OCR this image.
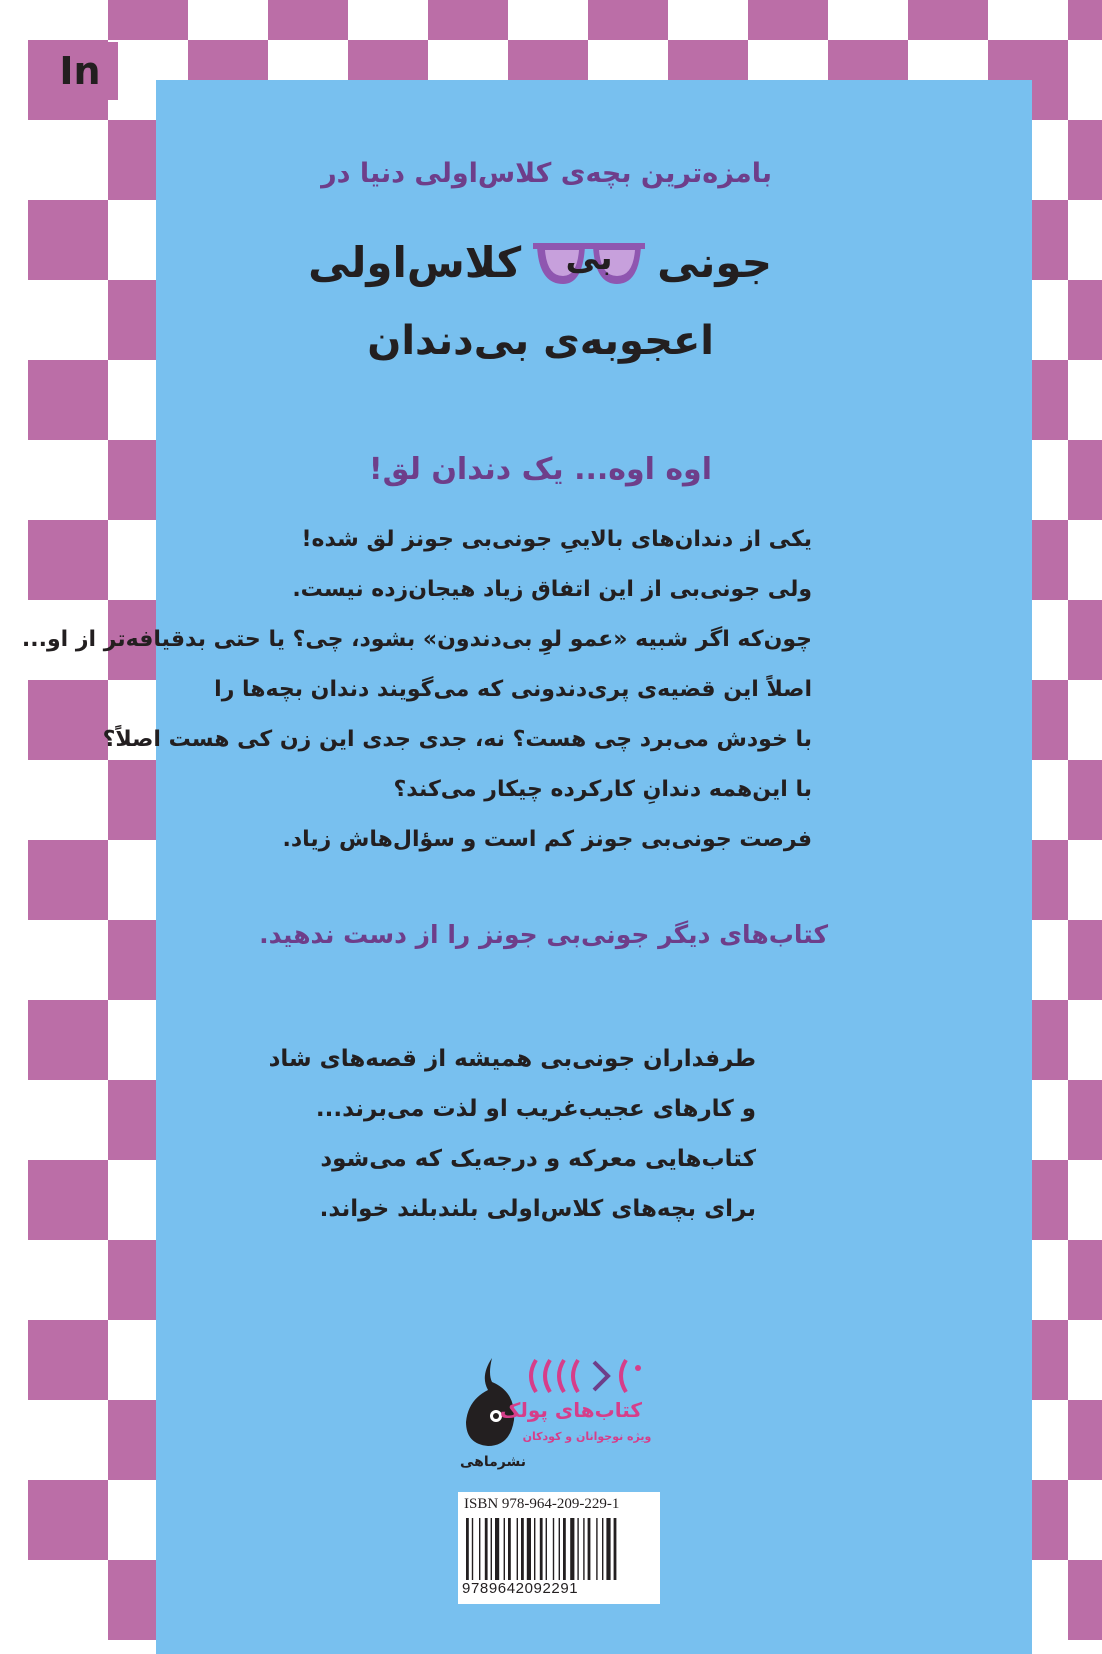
In
بامزه‌ترین بچه‌ی کلاس‌اولی دنیا در
جونی
بی
کلاس‌اولی
اعجوبه‌ی بی‌دندان
اوه اوه... یک دندان لق!
یکی از دندان‌های بالاییِ جونی‌بی جونز لق شده!
ولی جونی‌بی از این اتفاق زیاد هیجان‌زده نیست.
چون‌که اگر شبیه «عمو لوِ بی‌دندون» بشود، چی؟ یا حتی بدقیافه‌تر از او...
اصلاً این قضیه‌ی پری‌دندونی که می‌گویند دندان بچه‌ها را
با خودش می‌برد چی هست؟ نه، جدی جدی این زن کی هست اصلاً؟
با این‌همه دندانِ کارکرده چیکار می‌کند؟
فرصت جونی‌بی جونز کم است و سؤال‌هاش زیاد.
کتاب‌های دیگر جونی‌بی جونز را از دست ندهید.
طرفداران جونی‌بی همیشه از قصه‌های شاد
و کارهای عجیب‌غریب او لذت می‌برند...
کتاب‌هایی معرکه و درجه‌یک که می‌شود
برای بچه‌های کلاس‌اولی بلندبلند خواند.
نشرماهی
کتاب‌های پولک
ویژه نوجوانان و کودکان
ISBN 978-964-209-229-1
9789642092291
